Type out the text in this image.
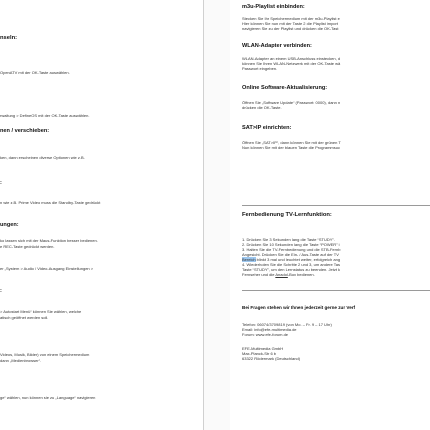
nseln:
OpenATV mit der OK-Taste auswählen.
rwaltung > DefineOS mit der OK-Taste auswählen.
nen / verschieben:
ken, dann erscheinen diverse Optionen wie z.B.
:
n wie z.B. Prime Video muss die Standby-Taste gedrückt
ungen:
ko lassen sich mit der Maus-Funktion besser bedienen.
e REC-Taste gedrückt werden.
er „System > Audio / Video-Ausgang Einstellungen >
:
> Autostart Menü“ können Sie wählen, welche
atisch geöffnet werden soll.
Videos, Musik, Bilder) von einem Speichermedium
dann „Medienbrowser“.
ge“ wählen, nun können sie zu „Language“ navigieren
m3u-Playlist einbinden:
Stecken Sie Ihr Speichermedium mit der m3u-Playlist e
Hier können Sie nun mit der Taste 2 die Playlist import
navigieren Sie zu der Playlist und drücken die OK-Tast
WLAN-Adapter verbinden:
WLAN-Adapter an einem USB-Anschluss einstecken, d
können Sie Ihren WLAN-Netzwerk mit der OK-Taste wä
Passwort eingeben.
Online Software-Aktualisierung:
Öffnen Sie „Software Update“ (Passwort: 0000), dann n
drücken die OK-Taste.
SAT>IP einrichten:
Öffnen Sie „SAT>IP“, dann können Sie mit der grünen T
Nun können Sie mit der blauen Taste die Programmsuc
Fernbedienung TV-Lernfunktion:
1. Drücken Sie 3 Sekunden lang die Taste “STUDY”.
2. Drücken Sie 10 Sekunden lang die Taste “POWER” i
3. Halten Sie die TV-Fernbedienung und die STB-Fernb
Angesicht. Drücken Sie die Ein- / Aus-Taste auf der TV
Bereich blinkt 3 mal und leuchtet weiter, erfolgreich ang
4. Wiederholen Sie die Schritte 2 und 3, um andere Tas
Taste “STUDY”, um den Lernstatus zu beenden. Jetzt k
Fernseher und die Anadol-Box bedienen.
Bei Fragen stehen wir Ihnen jederzeit gerne zur Verf
Telefon: 06074/3709819 (von Mo. – Fr. 9 – 17 Uhr)
Email: info@efe-multimedia.de
Forum: www.efe-forum.de
EFE-Multimedia GmbH
Max-Planck-Str 6 b
63322 Rödermark (Deutschland)
